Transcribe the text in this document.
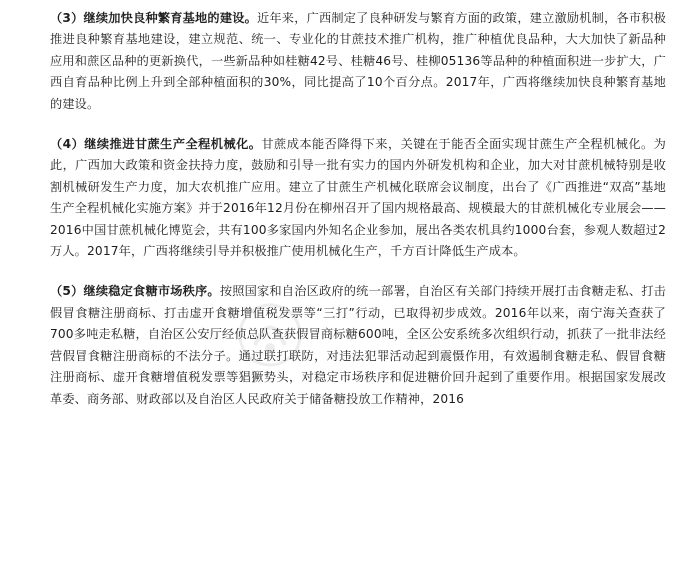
（3）继续加快良种繁育基地的建设。近年来，广西制定了良种研发与繁育方面的政策，建立激励机制，各市积极推进良种繁育基地建设，建立规范、统一、专业化的甘蔗技术推广机构，推广种植优良品种，大大加快了新品种应用和蔗区品种的更新换代，一些新品种如桂糖42号、桂糖46号、桂柳05136等品种的种植面积进一步扩大，广西自育品种比例上升到全部种植面积的30%，同比提高了10个百分点。2017年，广西将继续加快良种繁育基地的建设。

（4）继续推进甘蔗生产全程机械化。甘蔗成本能否降得下来，关键在于能否全面实现甘蔗生产全程机械化。为此，广西加大政策和资金扶持力度，鼓励和引导一批有实力的国内外研发机构和企业，加大对甘蔗机械特别是收割机械研发生产力度，加大农机推广应用。建立了甘蔗生产机械化联席会议制度，出台了《广西推进“双高”基地生产全程机械化实施方案》并于2016年12月份在柳州召开了国内规格最高、规模最大的甘蔗机械化专业展会——2016中国甘蔗机械化博览会，共有100多家国内外知名企业参加，展出各类农机具约1000台套，参观人数超过2万人。2017年，广西将继续引导并积极推广使用机械化生产，千方百计降低生产成本。

（5）继续稳定食糖市场秩序。按照国家和自治区政府的统一部署，自治区有关部门持续开展打击食糖走私、打击假冒食糖注册商标、打击虚开食糖增值税发票等“三打”行动，已取得初步成效。2016年以来，南宁海关查获了700多吨走私糖，自治区公安厅经侦总队查获假冒商标糖600吨，全区公安系统多次组织行动，抓获了一批非法经营假冒食糖注册商标的不法分子。通过联打联防，对违法犯罪活动起到震慑作用，有效遏制食糖走私、假冒食糖注册商标、虚开食糖增值税发票等猖獗势头，对稳定市场秩序和促进糖价回升起到了重要作用。根据国家发展改革委、商务部、财政部以及自治区人民政府关于储备糖投放工作精神，2016
